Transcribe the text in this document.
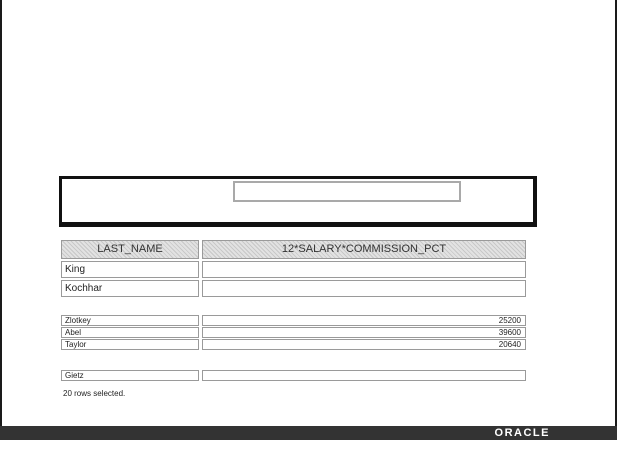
LAST_NAME	12*SALARY*COMMISSION_PCT
King
Kochhar
Zlotkey	25200
Abel	39600
Taylor	20640
Gietz
20 rows selected.
ORACLE
